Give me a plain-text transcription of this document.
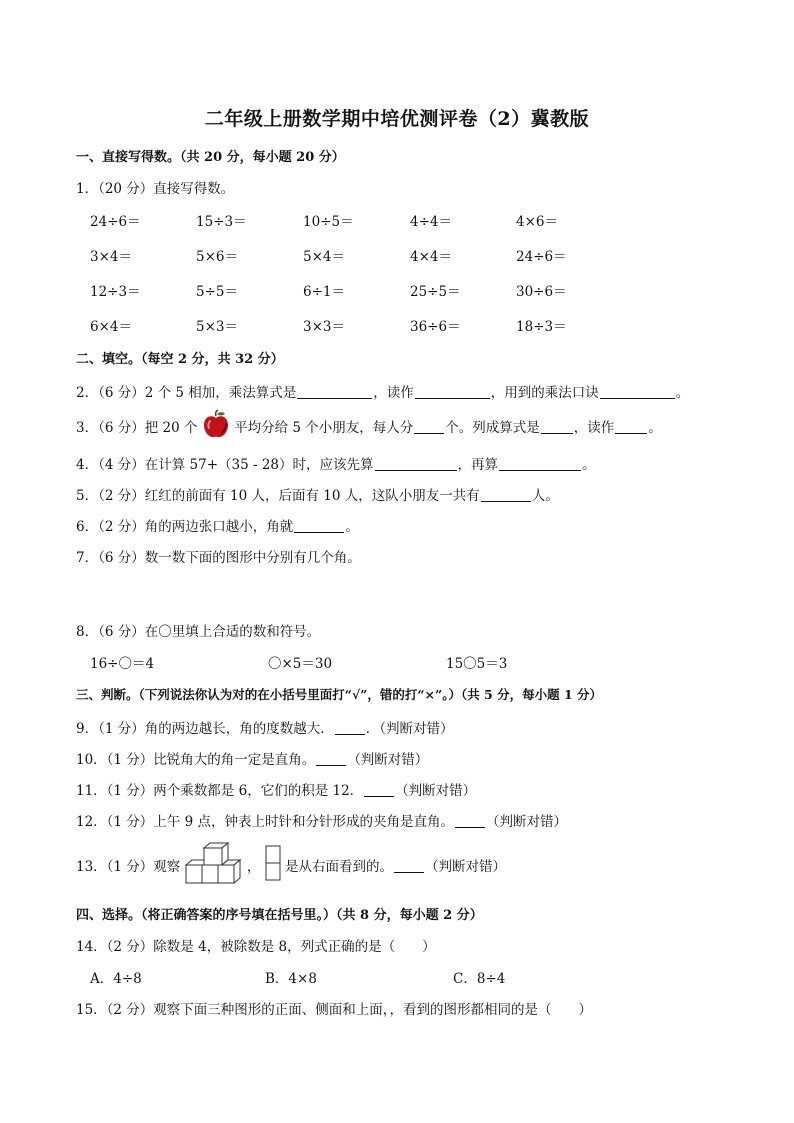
二年级上册数学期中培优测评卷（2）冀教版
一、直接写得数。（共 20 分，每小题 20 分）
1．（20 分）直接写得数。
24÷6＝	15÷3＝	10÷5＝	4÷4＝	4×6＝
3×4＝	5×6＝	5×4＝	4×4＝	24÷6＝
12÷3＝	5÷5＝	6÷1＝	25÷5＝	30÷6＝
6×4＝	5×3＝	3×3＝	36÷6＝	18÷3＝
二、填空。（每空 2 分，共 32 分）
2．（6 分）2 个 5 相加，乘法算式是	，读作	，用到的乘法口诀	。
3．（6 分）把 20 个	平均分给 5 个小朋友，每人分 个。列成算式是	，读作	。
4．（4 分）在计算 57+（35 - 28）时，应该先算	，再算	。
5．（2 分）红红的前面有 10 人，后面有 10 人，这队小朋友一共有	人。
6．（2 分）角的两边张口越小，角就	。
7．（6 分）数一数下面的图形中分别有几个角。
8．（6 分）在〇里填上合适的数和符号。
16÷〇＝4	〇×5＝30	15〇5＝3
三、判断。（下列说法你认为对的在小括号里面打“√”，错的打“×”。）（共 5 分，每小题 1 分）
9．（1 分）角的两边越长，角的度数越大． ．（判断对错）
10．（1 分）比锐角大的角一定是直角。 （判断对错）
11．（1 分）两个乘数都是 6，它们的积是 12． （判断对错）
12．（1 分）上午 9 点，钟表上时针和分针形成的夹角是直角。 （判断对错）
13．（1 分）观察	， 是从右面看到的。 （判断对错）
四、选择。（将正确答案的序号填在括号里。）（共 8 分，每小题 2 分）
14．（2 分）除数是 4，被除数是 8，列式正确的是（　　）
A．4÷8	B．4×8	C．8÷4
15．（2 分）观察下面三种图形的正面、侧面和上面，，看到的图形都相同的是（　　）
